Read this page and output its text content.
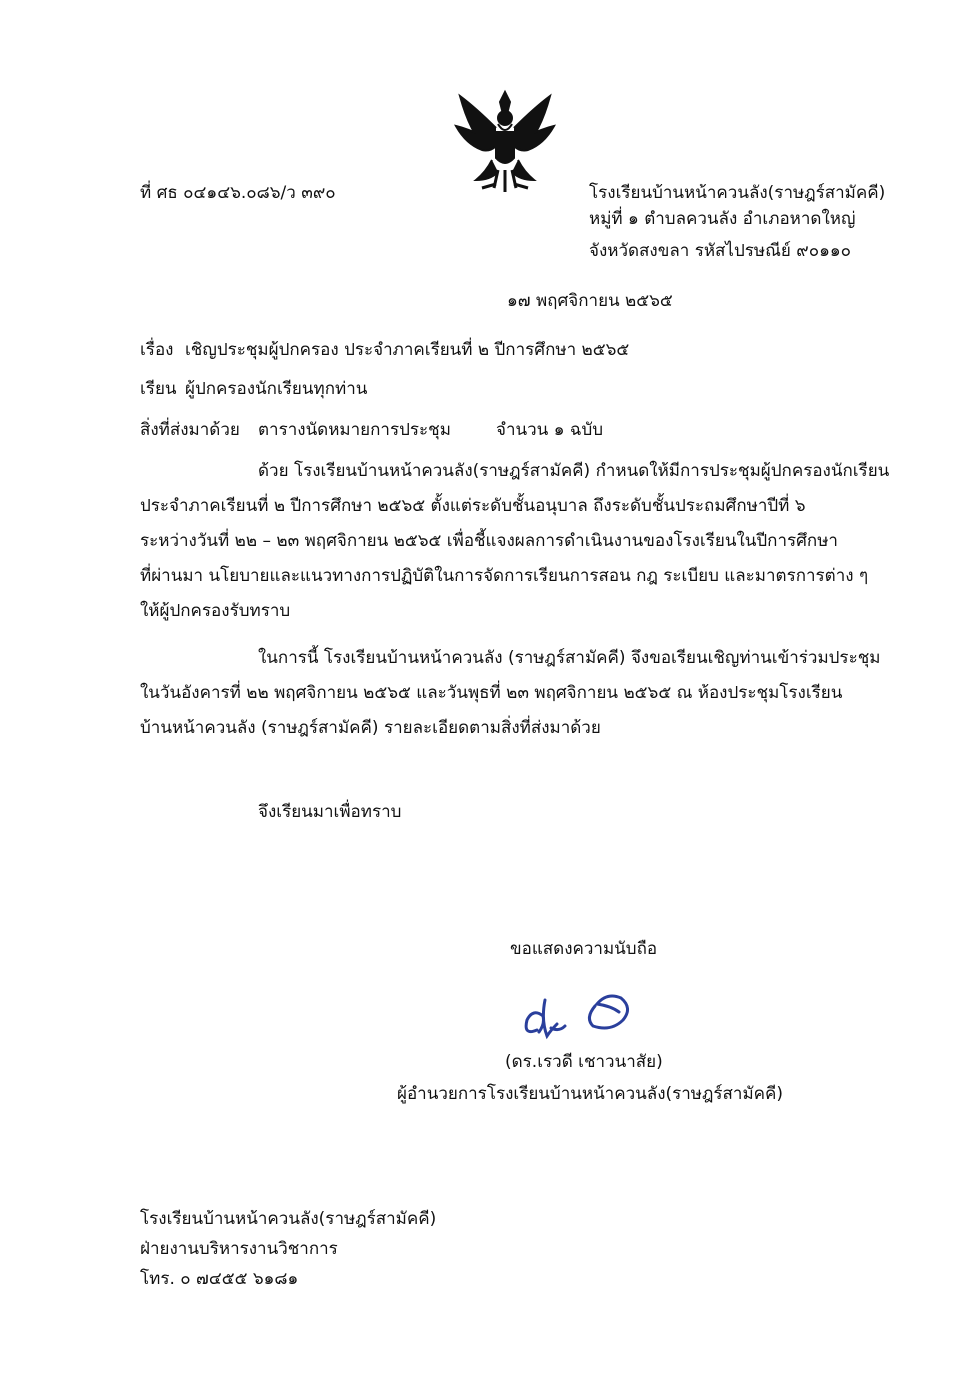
ที่ ศธ ๐๔๑๔๖.๐๘๖/ว ๓๙๐	โรงเรียนบ้านหน้าควนลัง(ราษฎร์สามัคคี)
หมู่ที่ ๑ ตำบลควนลัง อำเภอหาดใหญ่
จังหวัดสงขลา รหัสไปรษณีย์ ๙๐๑๑๐
๑๗ พฤศจิกายน ๒๕๖๕
เรื่อง เชิญประชุมผู้ปกครอง ประจำภาคเรียนที่ ๒ ปีการศึกษา ๒๕๖๕
เรียน ผู้ปกครองนักเรียนทุกท่าน
สิ่งที่ส่งมาด้วย ตารางนัดหมายการประชุม	จำนวน ๑ ฉบับ
ด้วย โรงเรียนบ้านหน้าควนลัง(ราษฎร์สามัคคี) กำหนดให้มีการประชุมผู้ปกครองนักเรียน
ประจำภาคเรียนที่ ๒ ปีการศึกษา ๒๕๖๕ ตั้งแต่ระดับชั้นอนุบาล ถึงระดับชั้นประถมศึกษาปีที่ ๖
ระหว่างวันที่ ๒๒ – ๒๓ พฤศจิกายน ๒๕๖๕ เพื่อชี้แจงผลการดำเนินงานของโรงเรียนในปีการศึกษา
ที่ผ่านมา นโยบายและแนวทางการปฏิบัติในการจัดการเรียนการสอน กฎ ระเบียบ และมาตรการต่าง ๆ
ให้ผู้ปกครองรับทราบ
ในการนี้ โรงเรียนบ้านหน้าควนลัง (ราษฎร์สามัคคี) จึงขอเรียนเชิญท่านเข้าร่วมประชุม
ในวันอังคารที่ ๒๒ พฤศจิกายน ๒๕๖๕ และวันพุธที่ ๒๓ พฤศจิกายน ๒๕๖๕ ณ ห้องประชุมโรงเรียน
บ้านหน้าควนลัง (ราษฎร์สามัคคี) รายละเอียดตามสิ่งที่ส่งมาด้วย
จึงเรียนมาเพื่อทราบ
ขอแสดงความนับถือ
(ดร.เรวดี เชาวนาสัย)
ผู้อำนวยการโรงเรียนบ้านหน้าควนลัง(ราษฎร์สามัคคี)
โรงเรียนบ้านหน้าควนลัง(ราษฎร์สามัคคี)
ฝ่ายงานบริหารงานวิชาการ
โทร. ๐ ๗๔๕๕ ๖๑๘๑
